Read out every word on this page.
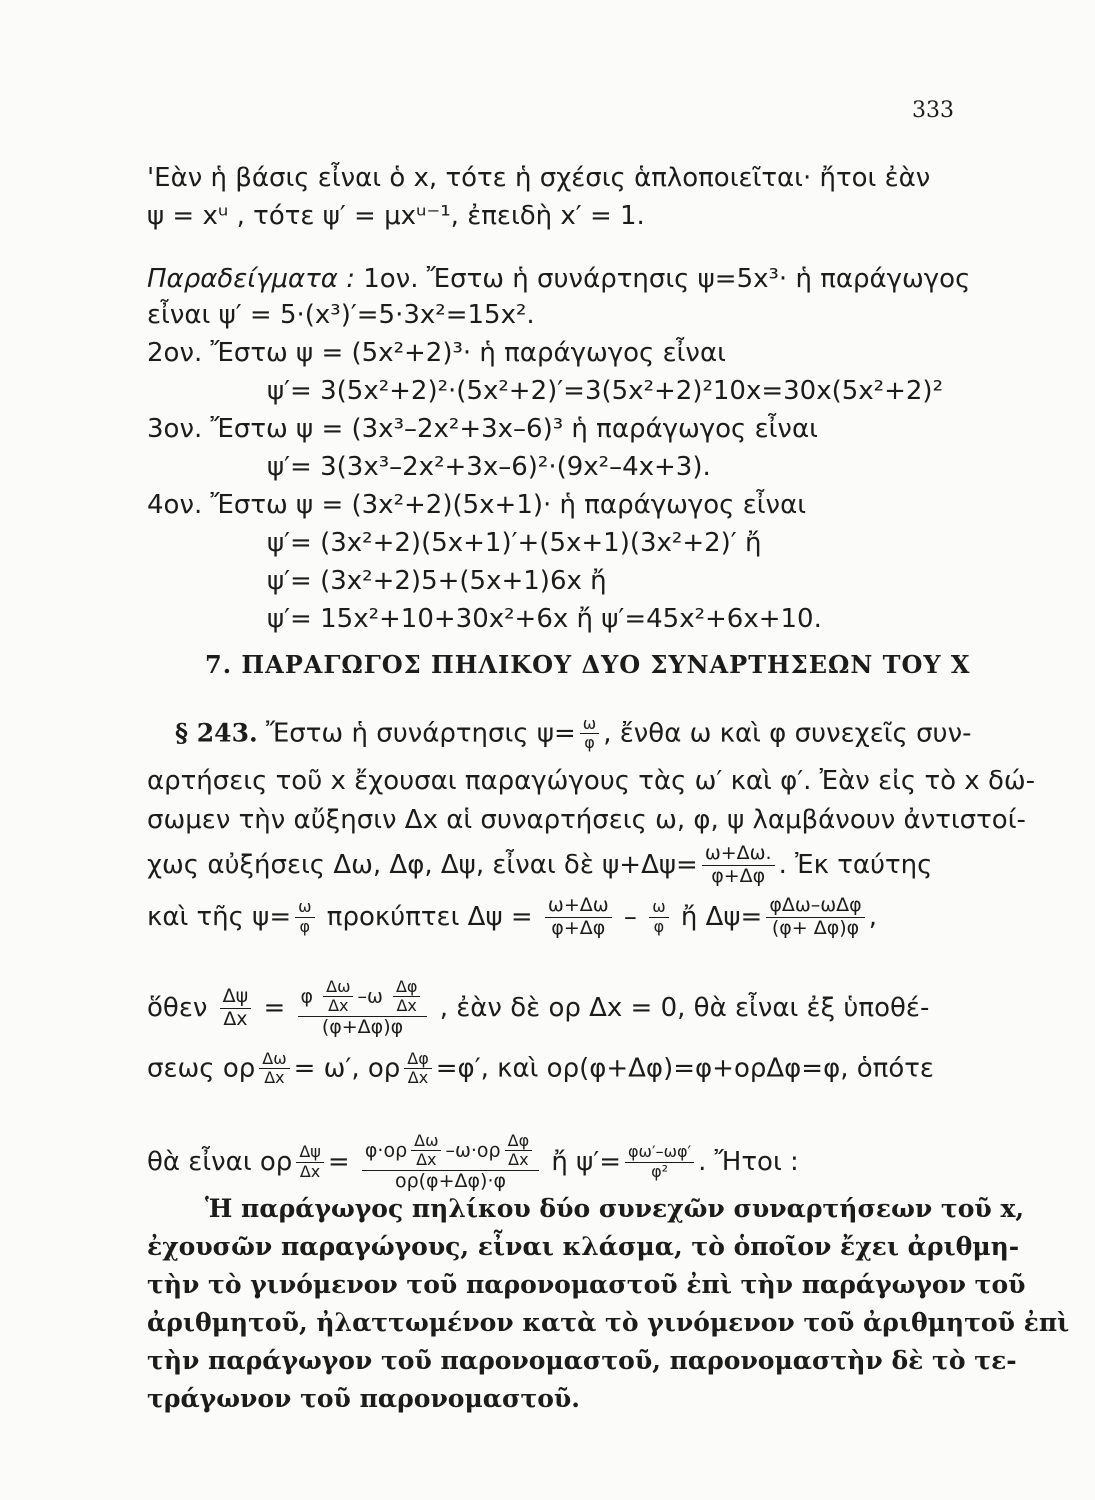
333
'Εὰν ἡ βάσις εἶναι ὁ x, τότε ἡ σχέσις ἁπλοποιεῖται· ἤτοι ἐὰν
ψ = xᵘ , τότε ψ′ = μxᵘ⁻¹, ἐπειδὴ x′ = 1.
Παραδείγματα : 1ον. Ἔστω ἡ συνάρτησις ψ=5x³· ἡ παράγωγος
εἶναι ψ′ = 5·(x³)′=5·3x²=15x².
2ον. Ἔστω ψ = (5x²+2)³· ἡ παράγωγος εἶναι
ψ′= 3(5x²+2)²·(5x²+2)′=3(5x²+2)²10x=30x(5x²+2)²
3ον. Ἔστω ψ = (3x³–2x²+3x–6)³ ἡ παράγωγος εἶναι
ψ′= 3(3x³–2x²+3x–6)²·(9x²–4x+3).
4ον. Ἔστω ψ = (3x²+2)(5x+1)· ἡ παράγωγος εἶναι
ψ′= (3x²+2)(5x+1)′+(5x+1)(3x²+2)′ ἤ
ψ′= (3x²+2)5+(5x+1)6x ἤ
ψ′= 15x²+10+30x²+6x ἤ ψ′=45x²+6x+10.
7. ΠΑΡΑΓΩΓΟΣ ΠΗΛΙΚΟΥ ΔΥΟ ΣΥΝΑΡΤΗΣΕΩΝ ΤΟΥ Χ
§ 243. Ἔστω ἡ συνάρτησις $\psi= \frac{\omega}{\varphi}$ , ἔνθα ω καὶ φ συνεχεῖς συν-
αρτήσεις τοῦ x ἔχουσαι παραγώγους τὰς ω′ καὶ φ′. Ἐὰν εἰς τὸ x δώ-
σωμεν τὴν αὔξησιν Δx αἱ συναρτήσεις ω, φ, ψ λαμβάνουν ἀντιστοί-
χως αὐξήσεις Δω, Δφ, Δψ, εἶναι δὲ $\psi+\Delta\psi= \frac{\omega+\Delta\omega.}{\varphi+\Delta\varphi}$ . Ἐκ ταύτης
καὶ τῆς $\psi= \frac{\omega}{\varphi}$ προκύπτει $\Delta\psi = \frac{\omega+\Delta\omega}{\varphi+\Delta\varphi} - \frac{\omega}{\varphi}$ ἤ Δψ= φΔω–ωΔφ
(φ+ Δφ)φ ,
ὅθεν $\frac{\Delta\psi}{\Delta x} = \varphi \frac{\Delta\omega}{\Delta x} -\omega \frac{\Delta\varphi}{\Delta x}$
(φ+Δφ)φ
, ἐὰν δὲ ορ Δx = 0, θὰ εἶναι ἐξ ὑποθέ-
σεως ορ $\frac{\Delta\omega}{\Delta x} = \omega'$, ορ $\frac{\Delta\varphi}{\Delta x} =\varphi'$, καὶ ορ(φ+Δφ)=φ+ορΔφ=φ, ὁπότε
θὰ εἶναι ορ $\frac{\Delta\psi}{\Delta x} = \varphi\cdot o\rho \frac{\Delta\omega}{\Delta x} -\omega\cdot o\rho \frac{\Delta\varphi}{\Delta x}$
ορ(φ+Δφ)·φ
ἤ $\psi'= \frac{\varphi\omega'-\omega\varphi'}{\text{φ²}}$ . Ἤτοι :
Ἡ παράγωγος πηλίκου δύο συνεχῶν συναρτήσεων τοῦ x,
ἐχουσῶν παραγώγους, εἶναι κλάσμα, τὸ ὁποῖον ἔχει ἀριθμη-
τὴν τὸ γινόμενον τοῦ παρονομαστοῦ ἐπὶ τὴν παράγωγον τοῦ
ἀριθμητοῦ, ἠλαττωμένον κατὰ τὸ γινόμενον τοῦ ἀριθμητοῦ ἐπὶ
τὴν παράγωγον τοῦ παρονομαστοῦ, παρονομαστὴν δὲ τὸ τε-
τράγωνον τοῦ παρονομαστοῦ.
